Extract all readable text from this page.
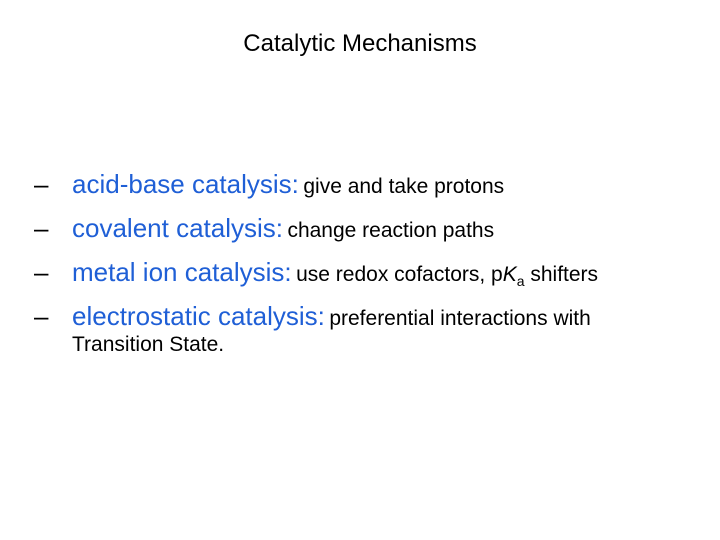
Catalytic Mechanisms
– acid-base catalysis: give and take protons
– covalent catalysis: change reaction paths
– metal ion catalysis: use redox cofactors, $pK_a$ shifters
– electrostatic catalysis: preferential interactions with
Transition State.
